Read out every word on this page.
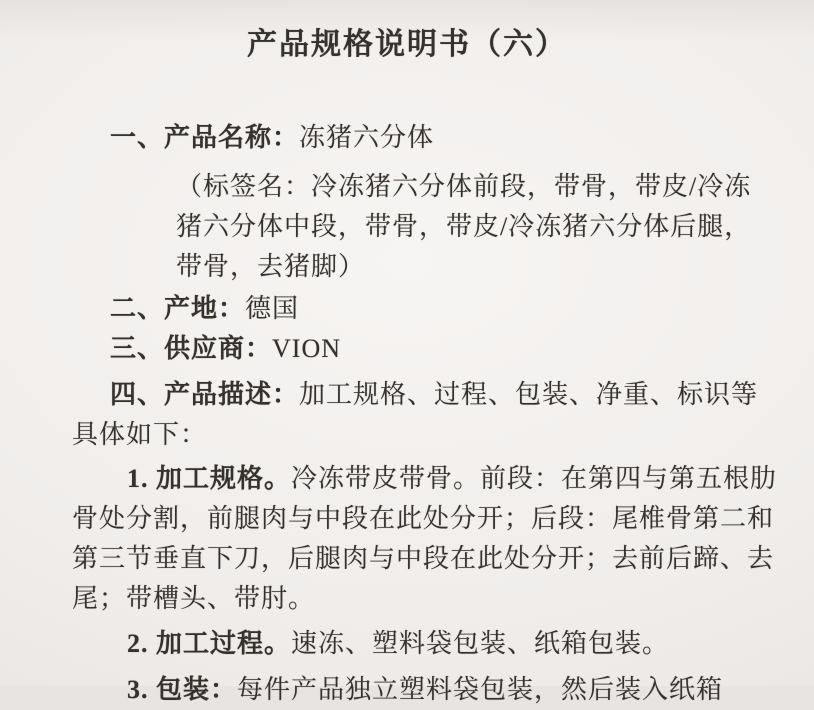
产品规格说明书（六）

一、产品名称：冻猪六分体

（标签名：冷冻猪六分体前段，带骨，带皮/冷冻

猪六分体中段，带骨，带皮/冷冻猪六分体后腿，

带骨，去猪脚）

二、产地：德国

三、供应商：VION

四、产品描述：加工规格、过程、包装、净重、标识等

具体如下：

1. 加工规格。冷冻带皮带骨。前段：在第四与第五根肋

骨处分割，前腿肉与中段在此处分开；后段：尾椎骨第二和

第三节垂直下刀，后腿肉与中段在此处分开；去前后蹄、去

尾；带槽头、带肘。

2. 加工过程。速冻、塑料袋包装、纸箱包装。

3. 包装：每件产品独立塑料袋包装，然后装入纸箱
